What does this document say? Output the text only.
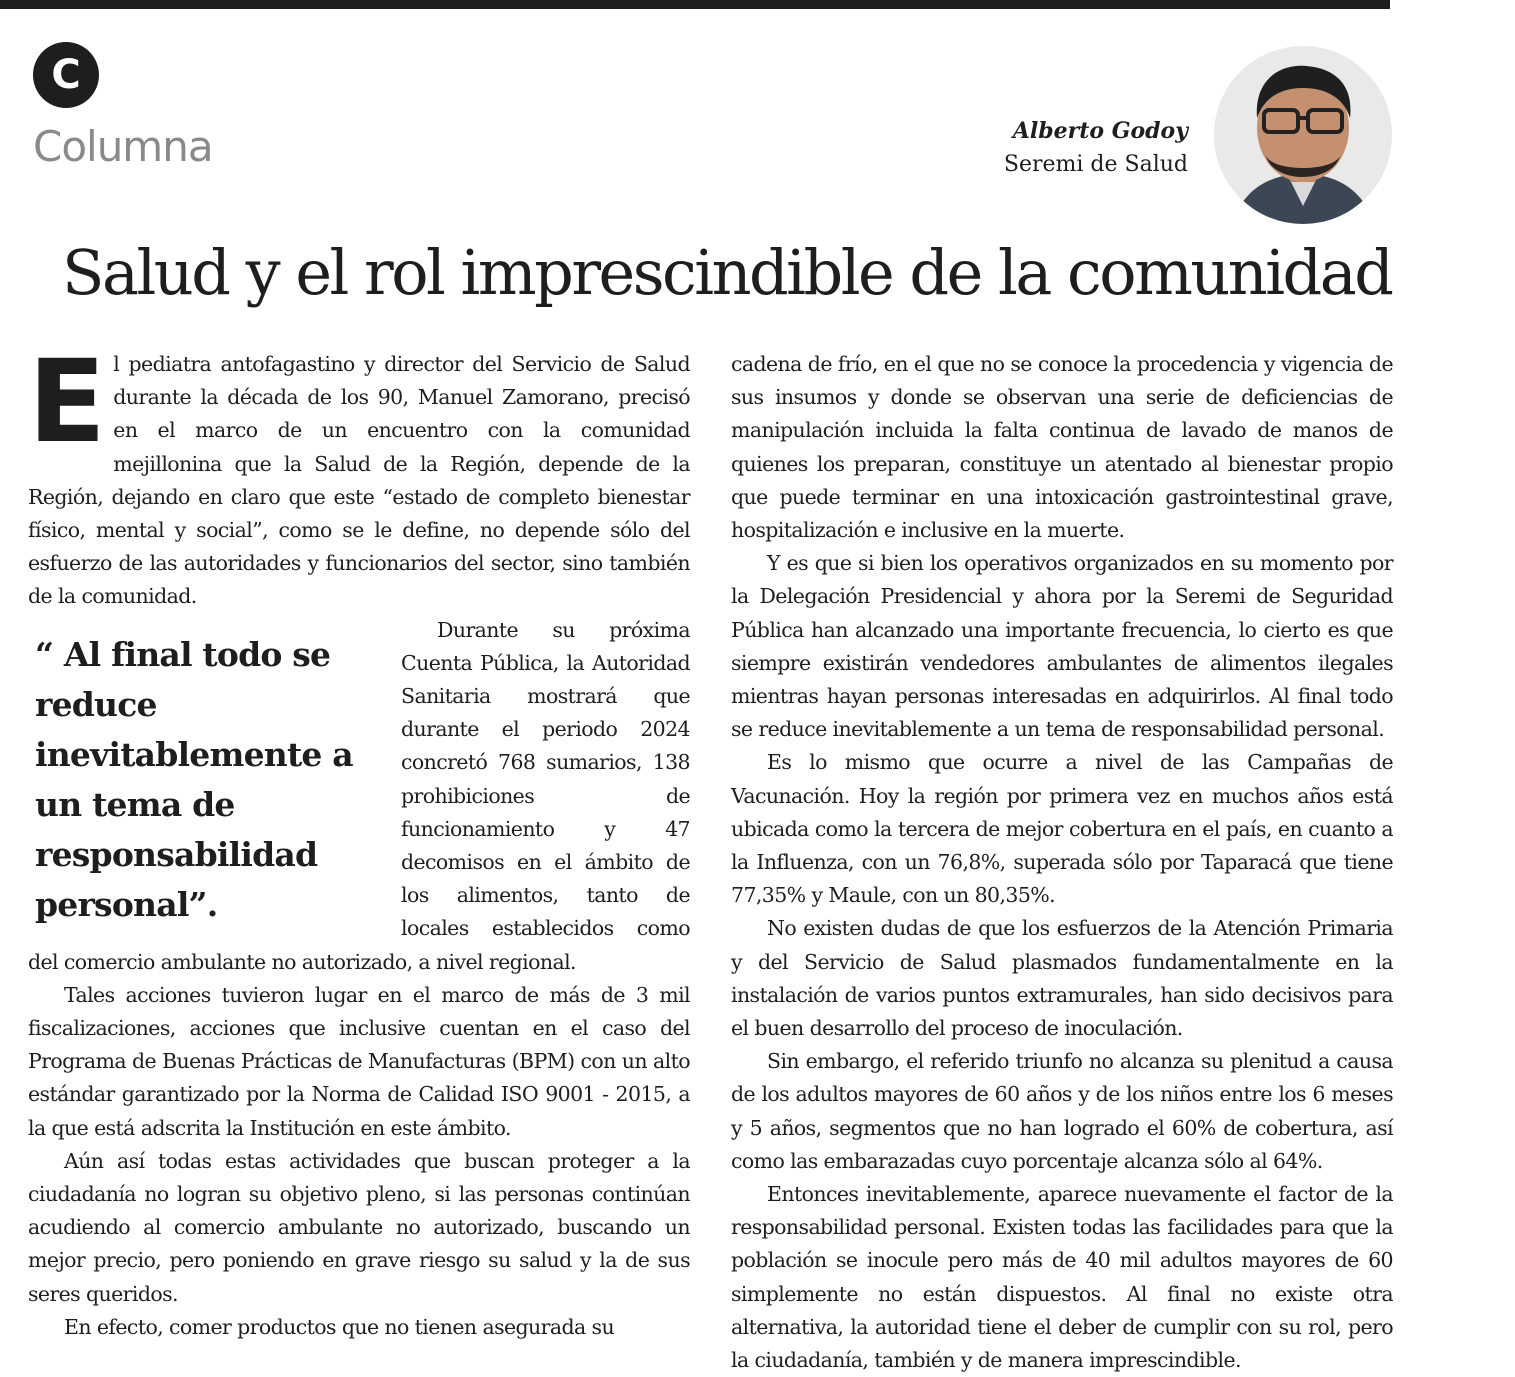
C
Columna	Alberto Godoy
Seremi de Salud
Salud y el rol imprescindible de la comunidad

El pediatra antofagastino y director del Servicio de Salud durante la década de los 90, Manuel Zamorano, precisó en el marco de un encuentro con la comunidad mejillonina que la Salud de la Región, depende de la Región, dejando en claro que este “estado de completo bienestar físico, mental y social”, como se le define, no depende sólo del esfuerzo de las autoridades y funcionarios del sector, sino también de la comunidad.

“ Al final todo se reduce inevitablemente a un tema de responsabilidad personal”.
Durante su próxima Cuenta Pública, la Autoridad Sanitaria mostrará que durante el periodo 2024 concretó 768 sumarios, 138 prohibiciones de funcionamiento y 47 decomisos en el ámbito de los alimentos, tanto de locales establecidos como del comercio ambulante no autorizado, a nivel regional.

Tales acciones tuvieron lugar en el marco de más de 3 mil fiscalizaciones, acciones que inclusive cuentan en el caso del Programa de Buenas Prácticas de Manufacturas (BPM) con un alto estándar garantizado por la Norma de Calidad ISO 9001 - 2015, a la que está adscrita la Institución en este ámbito.

Aún así todas estas actividades que buscan proteger a la ciudadanía no logran su objetivo pleno, si las personas continúan acudiendo al comercio ambulante no autorizado, buscando un mejor precio, pero poniendo en grave riesgo su salud y la de sus seres queridos.

En efecto, comer productos que no tienen asegurada su

cadena de frío, en el que no se conoce la procedencia y vigencia de sus insumos y donde se observan una serie de deficiencias de manipulación incluida la falta continua de lavado de manos de quienes los preparan, constituye un atentado al bienestar propio que puede terminar en una intoxicación gastrointestinal grave, hospitalización e inclusive en la muerte.

Y es que si bien los operativos organizados en su momento por la Delegación Presidencial y ahora por la Seremi de Seguridad Pública han alcanzado una importante frecuencia, lo cierto es que siempre existirán vendedores ambulantes de alimentos ilegales mientras hayan personas interesadas en adquirirlos. Al final todo se reduce inevitablemente a un tema de responsabilidad personal.

Es lo mismo que ocurre a nivel de las Campañas de Vacunación. Hoy la región por primera vez en muchos años está ubicada como la tercera de mejor cobertura en el país, en cuanto a la Influenza, con un 76,8%, superada sólo por Taparacá que tiene 77,35% y Maule, con un 80,35%.

No existen dudas de que los esfuerzos de la Atención Primaria y del Servicio de Salud plasmados fundamentalmente en la instalación de varios puntos extramurales, han sido decisivos para el buen desarrollo del proceso de inoculación.

Sin embargo, el referido triunfo no alcanza su plenitud a causa de los adultos mayores de 60 años y de los niños entre los 6 meses y 5 años, segmentos que no han logrado el 60% de cobertura, así como las embarazadas cuyo porcentaje alcanza sólo al 64%.

Entonces inevitablemente, aparece nuevamente el factor de la responsabilidad personal. Existen todas las facilidades para que la población se inocule pero más de 40 mil adultos mayores de 60 simplemente no están dispuestos. Al final no existe otra alternativa, la autoridad tiene el deber de cumplir con su rol, pero la ciudadanía, también y de manera imprescindible.
